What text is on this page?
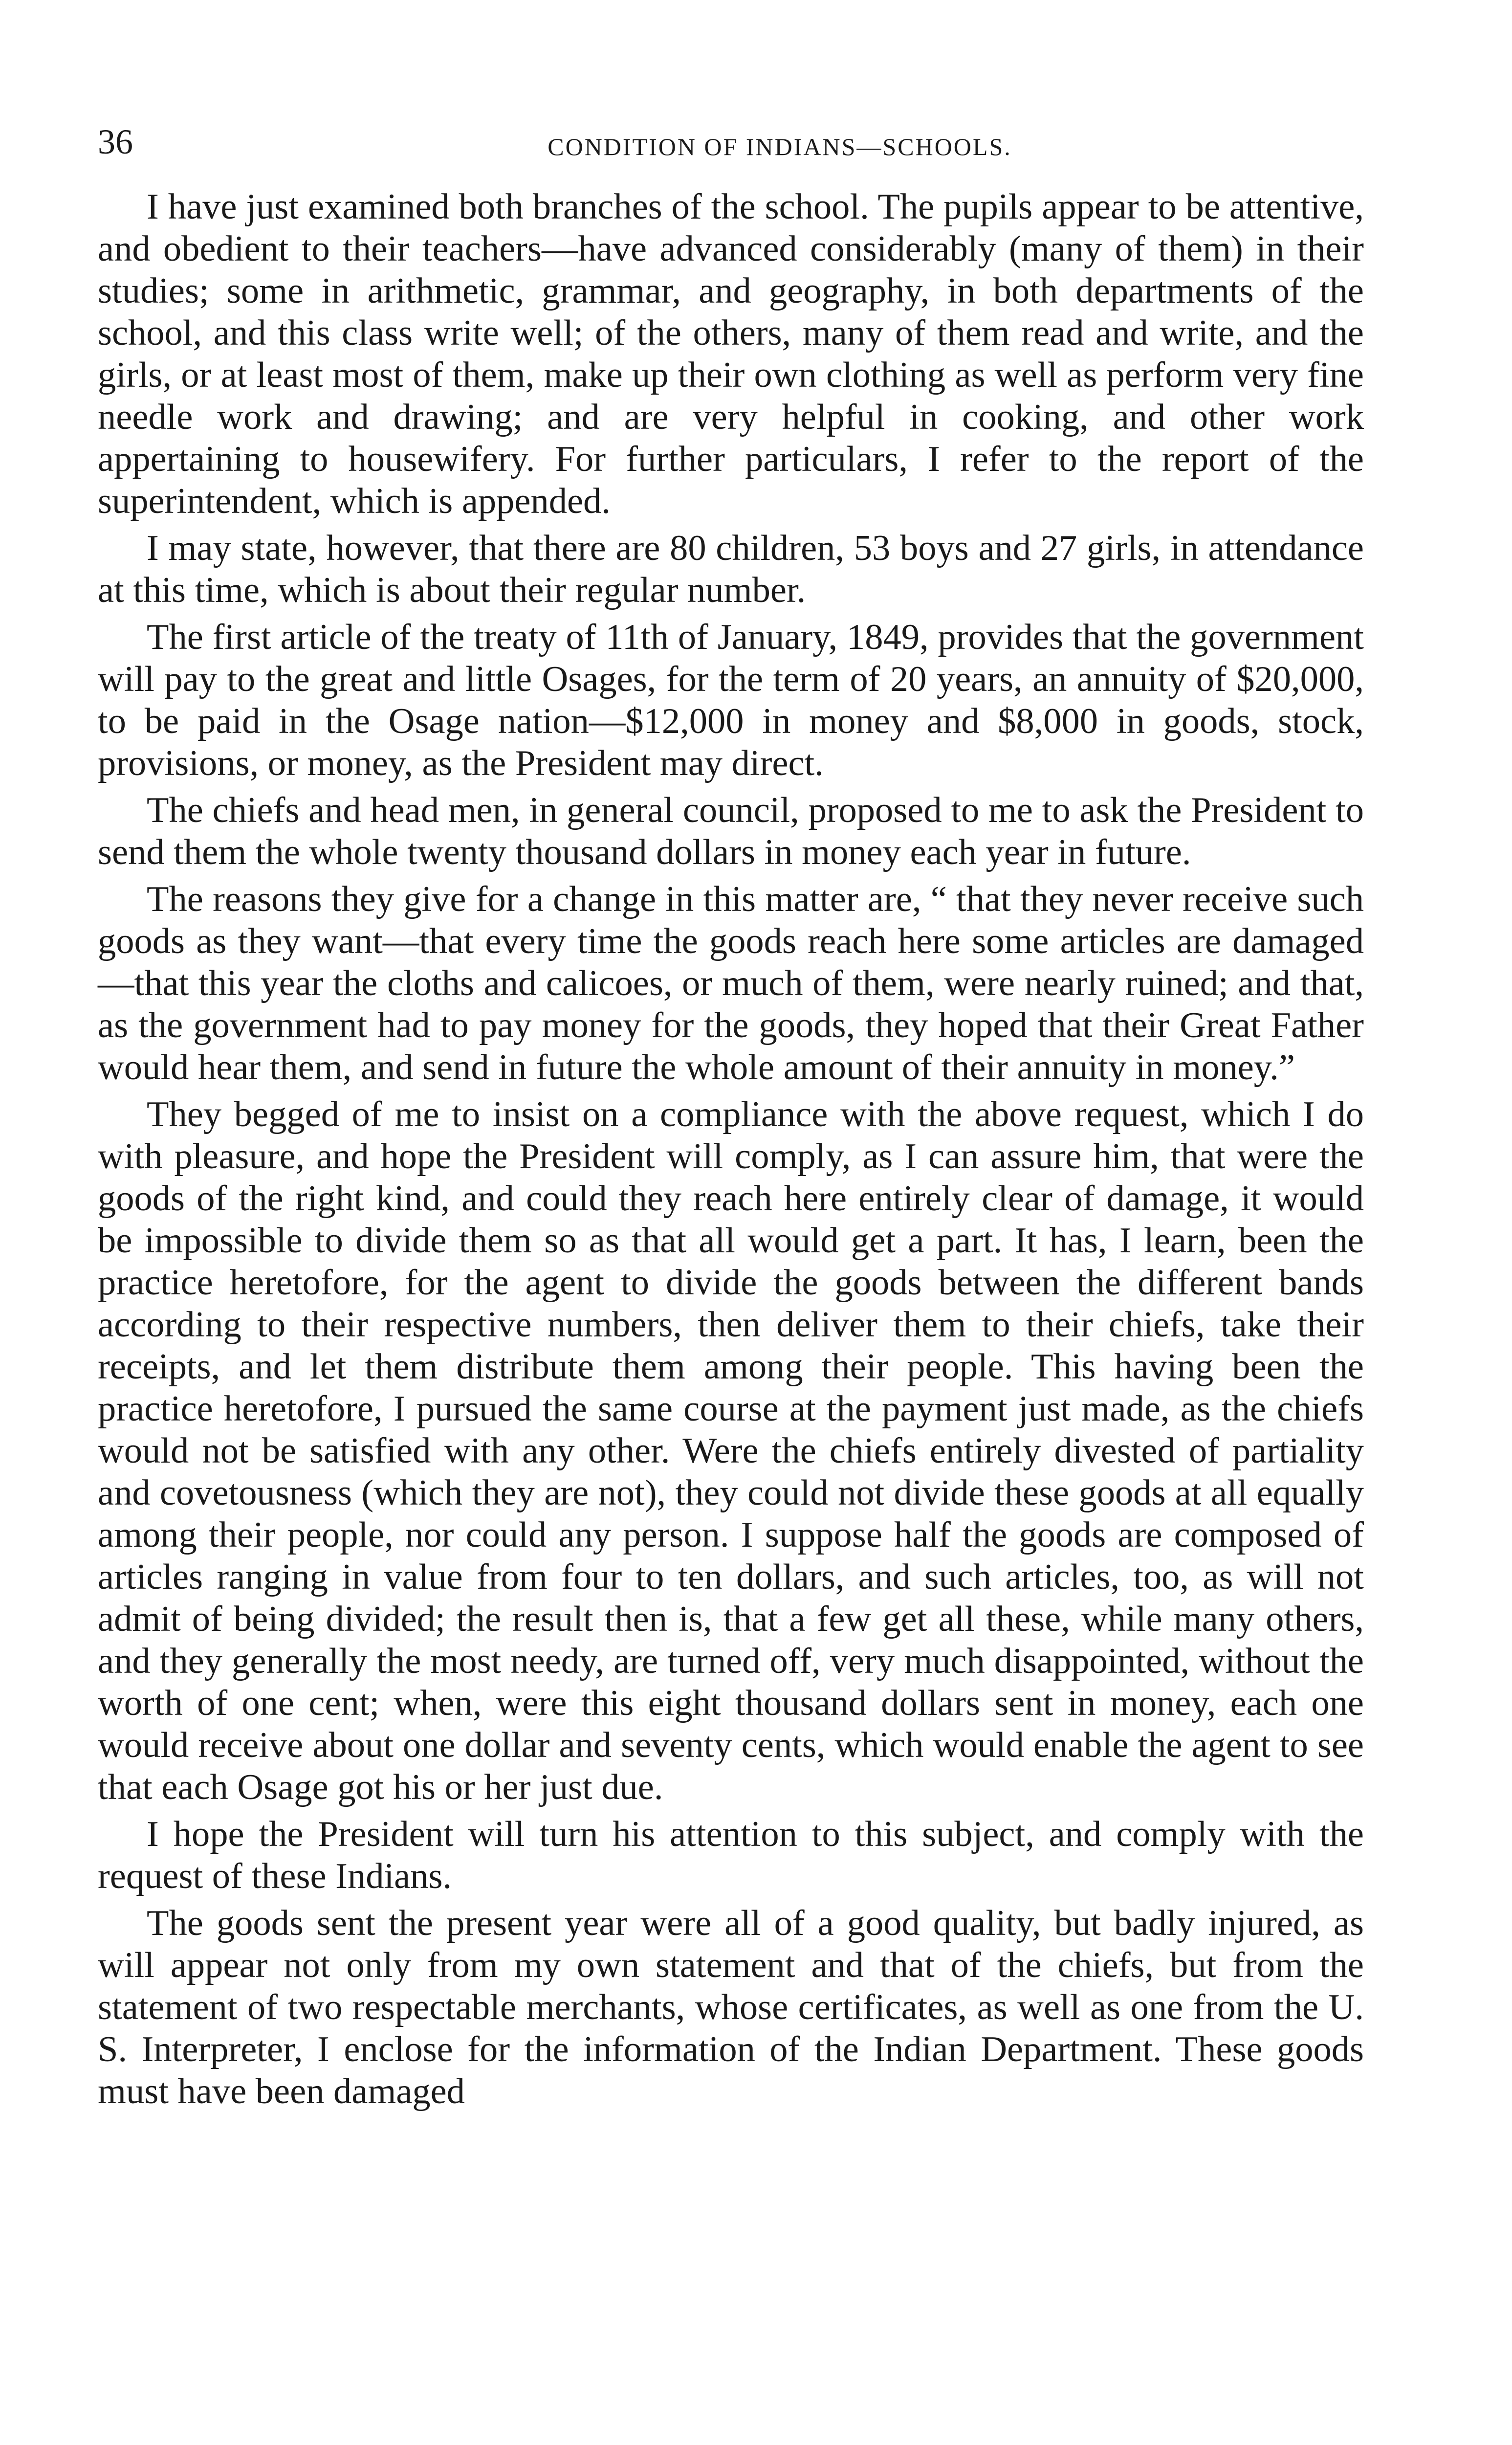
36	CONDITION OF INDIANS—SCHOOLS.

I have just examined both branches of the school. The pupils appear to be attentive, and obedient to their teachers—have advanced considerably (many of them) in their studies; some in arithmetic, grammar, and geography, in both departments of the school, and this class write well; of the others, many of them read and write, and the girls, or at least most of them, make up their own clothing as well as perform very fine needle work and drawing; and are very helpful in cooking, and other work appertaining to housewifery. For further particulars, I refer to the report of the superintendent, which is appended.

I may state, however, that there are 80 children, 53 boys and 27 girls, in attendance at this time, which is about their regular number.

The first article of the treaty of 11th of January, 1849, provides that the government will pay to the great and little Osages, for the term of 20 years, an annuity of $20,000, to be paid in the Osage nation—$12,000 in money and $8,000 in goods, stock, provisions, or money, as the President may direct.

The chiefs and head men, in general council, proposed to me to ask the President to send them the whole twenty thousand dollars in money each year in future.

The reasons they give for a change in this matter are, “ that they never receive such goods as they want—that every time the goods reach here some articles are damaged—that this year the cloths and calicoes, or much of them, were nearly ruined; and that, as the government had to pay money for the goods, they hoped that their Great Father would hear them, and send in future the whole amount of their annuity in money.”

They begged of me to insist on a compliance with the above request, which I do with pleasure, and hope the President will comply, as I can assure him, that were the goods of the right kind, and could they reach here entirely clear of damage, it would be impossible to divide them so as that all would get a part. It has, I learn, been the practice heretofore, for the agent to divide the goods between the different bands according to their respective numbers, then deliver them to their chiefs, take their receipts, and let them distribute them among their people. This having been the practice heretofore, I pursued the same course at the payment just made, as the chiefs would not be satisfied with any other. Were the chiefs entirely divested of partiality and covetousness (which they are not), they could not divide these goods at all equally among their people, nor could any person. I suppose half the goods are composed of articles ranging in value from four to ten dollars, and such articles, too, as will not admit of being divided; the result then is, that a few get all these, while many others, and they generally the most needy, are turned off, very much disappointed, without the worth of one cent; when, were this eight thousand dollars sent in money, each one would receive about one dollar and seventy cents, which would enable the agent to see that each Osage got his or her just due.

I hope the President will turn his attention to this subject, and comply with the request of these Indians.

The goods sent the present year were all of a good quality, but badly injured, as will appear not only from my own statement and that of the chiefs, but from the statement of two respectable merchants, whose certificates, as well as one from the U. S. Interpreter, I enclose for the information of the Indian Department. These goods must have been damaged
